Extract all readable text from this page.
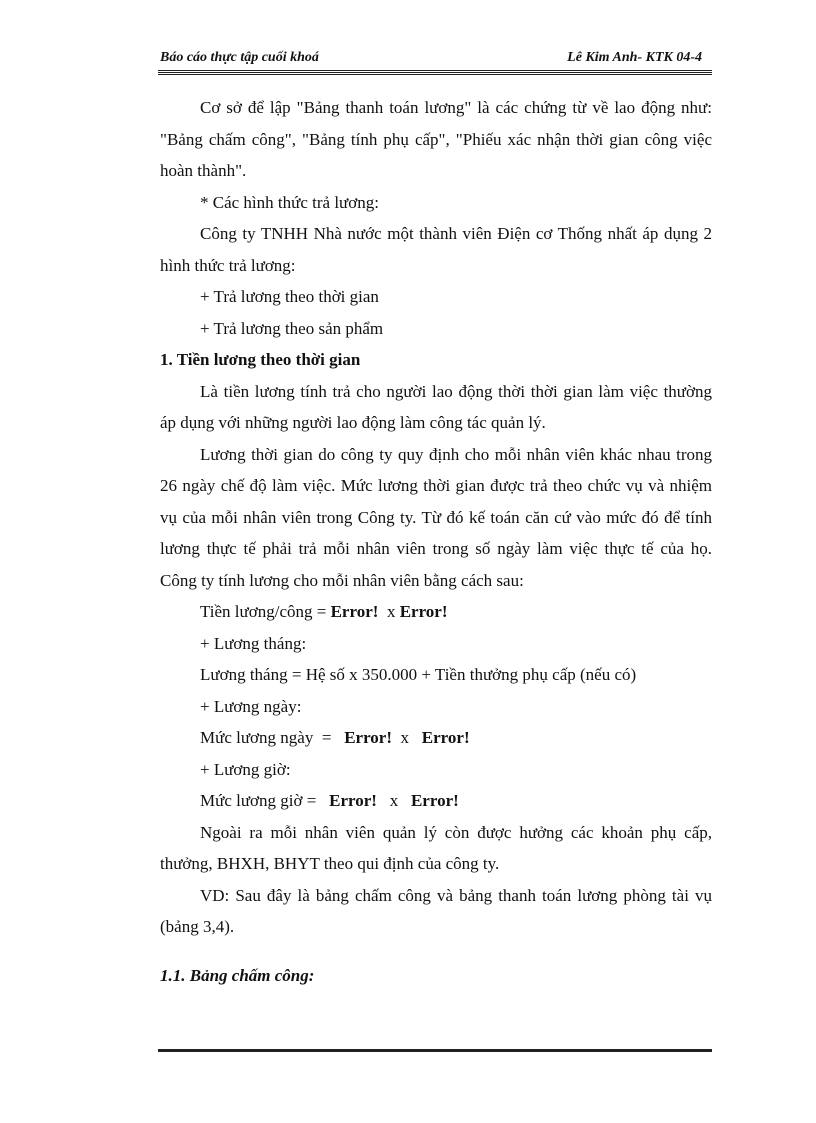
Báo cáo thực tập cuối khoá	Lê Kim Anh- KTK 04-4

Cơ sở để lập "Bảng thanh toán lương" là các chứng từ về lao động như: "Bảng chấm công", "Bảng tính phụ cấp", "Phiếu xác nhận thời gian công việc hoàn thành".

* Các hình thức trả lương:

Công ty TNHH Nhà nước một thành viên Điện cơ Thống nhất áp dụng 2 hình thức trả lương:

+ Trả lương theo thời gian

+ Trả lương theo sản phẩm

1. Tiền lương theo thời gian

Là tiền lương tính trả cho người lao động thời thời gian làm việc thường áp dụng với những người lao động làm công tác quản lý.

Lương thời gian do công ty quy định cho mỗi nhân viên khác nhau trong 26 ngày chế độ làm việc. Mức lương thời gian được trả theo chức vụ và nhiệm vụ của mỗi nhân viên trong Công ty. Từ đó kế toán căn cứ vào mức đó để tính lương thực tế phải trả mỗi nhân viên trong số ngày làm việc thực tế của họ. Công ty tính lương cho mỗi nhân viên bằng cách sau:

Tiền lương/công = Error!  x Error!

+ Lương tháng:

Lương tháng = Hệ số x 350.000 + Tiền thưởng phụ cấp (nếu có)

+ Lương ngày:

Mức lương ngày  =   Error!  x   Error!

+ Lương giờ:

Mức lương giờ =   Error!   x   Error!

Ngoài ra mỗi nhân viên quản lý còn được hưởng các khoản phụ cấp, thưởng, BHXH, BHYT theo qui định của công ty.

VD: Sau đây là bảng chấm công và bảng thanh toán lương phòng tài vụ (bảng 3,4).

1.1. Bảng chấm công:
